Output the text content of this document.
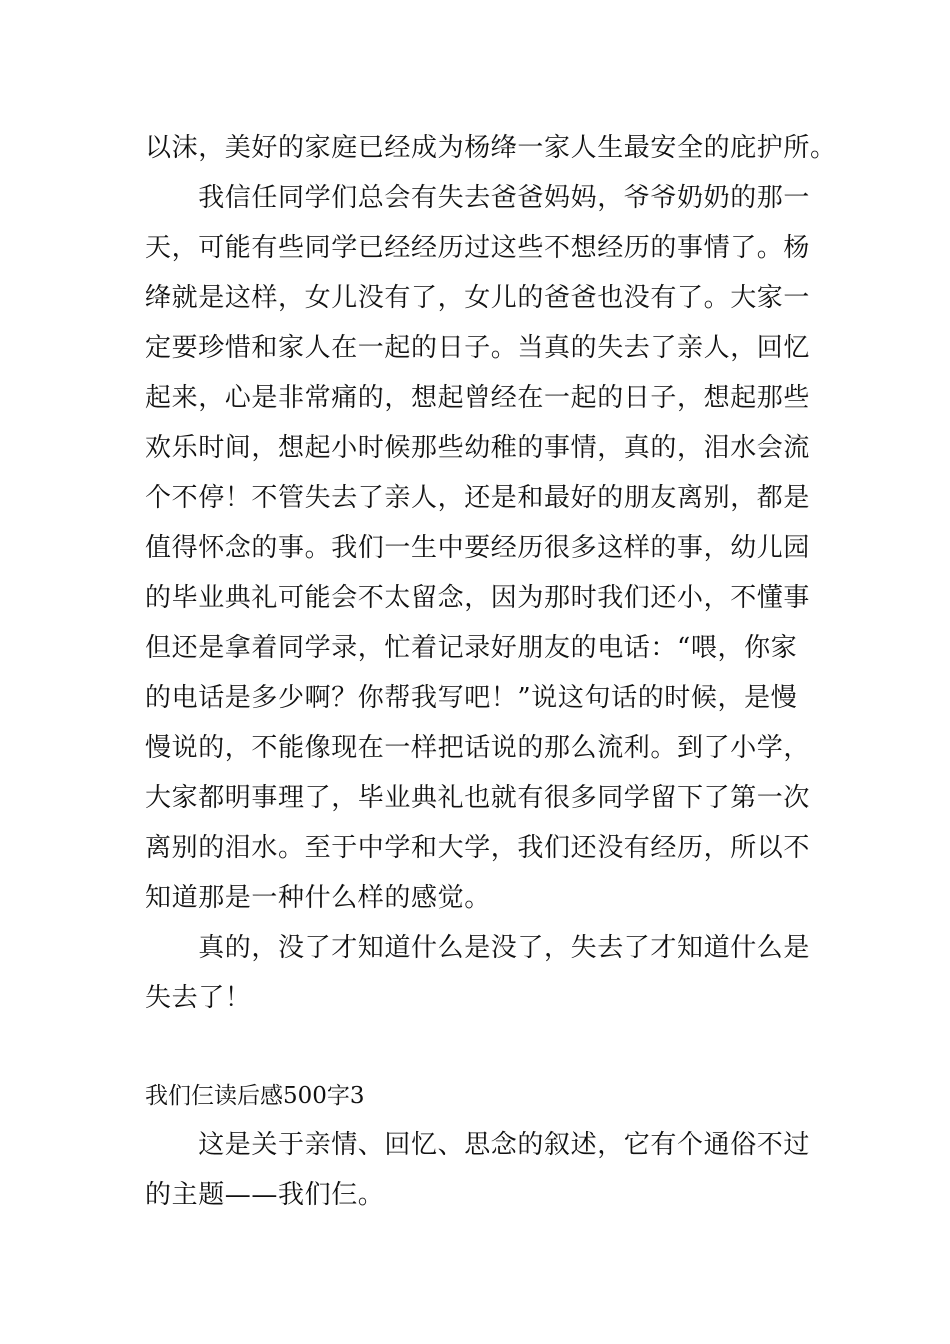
以沫，美好的家庭已经成为杨绛一家人生最安全的庇护所。
　　我信任同学们总会有失去爸爸妈妈，爷爷奶奶的那一
天，可能有些同学已经经历过这些不想经历的事情了。杨
绛就是这样，女儿没有了，女儿的爸爸也没有了。大家一
定要珍惜和家人在一起的日子。当真的失去了亲人，回忆
起来，心是非常痛的，想起曾经在一起的日子，想起那些
欢乐时间，想起小时候那些幼稚的事情，真的，泪水会流
个不停！不管失去了亲人，还是和最好的朋友离别，都是
值得怀念的事。我们一生中要经历很多这样的事，幼儿园
的毕业典礼可能会不太留念，因为那时我们还小，不懂事
但还是拿着同学录，忙着记录好朋友的电话：“喂，你家
的电话是多少啊？你帮我写吧！”说这句话的时候，是慢
慢说的，不能像现在一样把话说的那么流利。到了小学，
大家都明事理了，毕业典礼也就有很多同学留下了第一次
离别的泪水。至于中学和大学，我们还没有经历，所以不
知道那是一种什么样的感觉。
　　真的，没了才知道什么是没了，失去了才知道什么是
失去了！
我们仨读后感500字3
　　这是关于亲情、回忆、思念的叙述，它有个通俗不过
的主题——我们仨。
